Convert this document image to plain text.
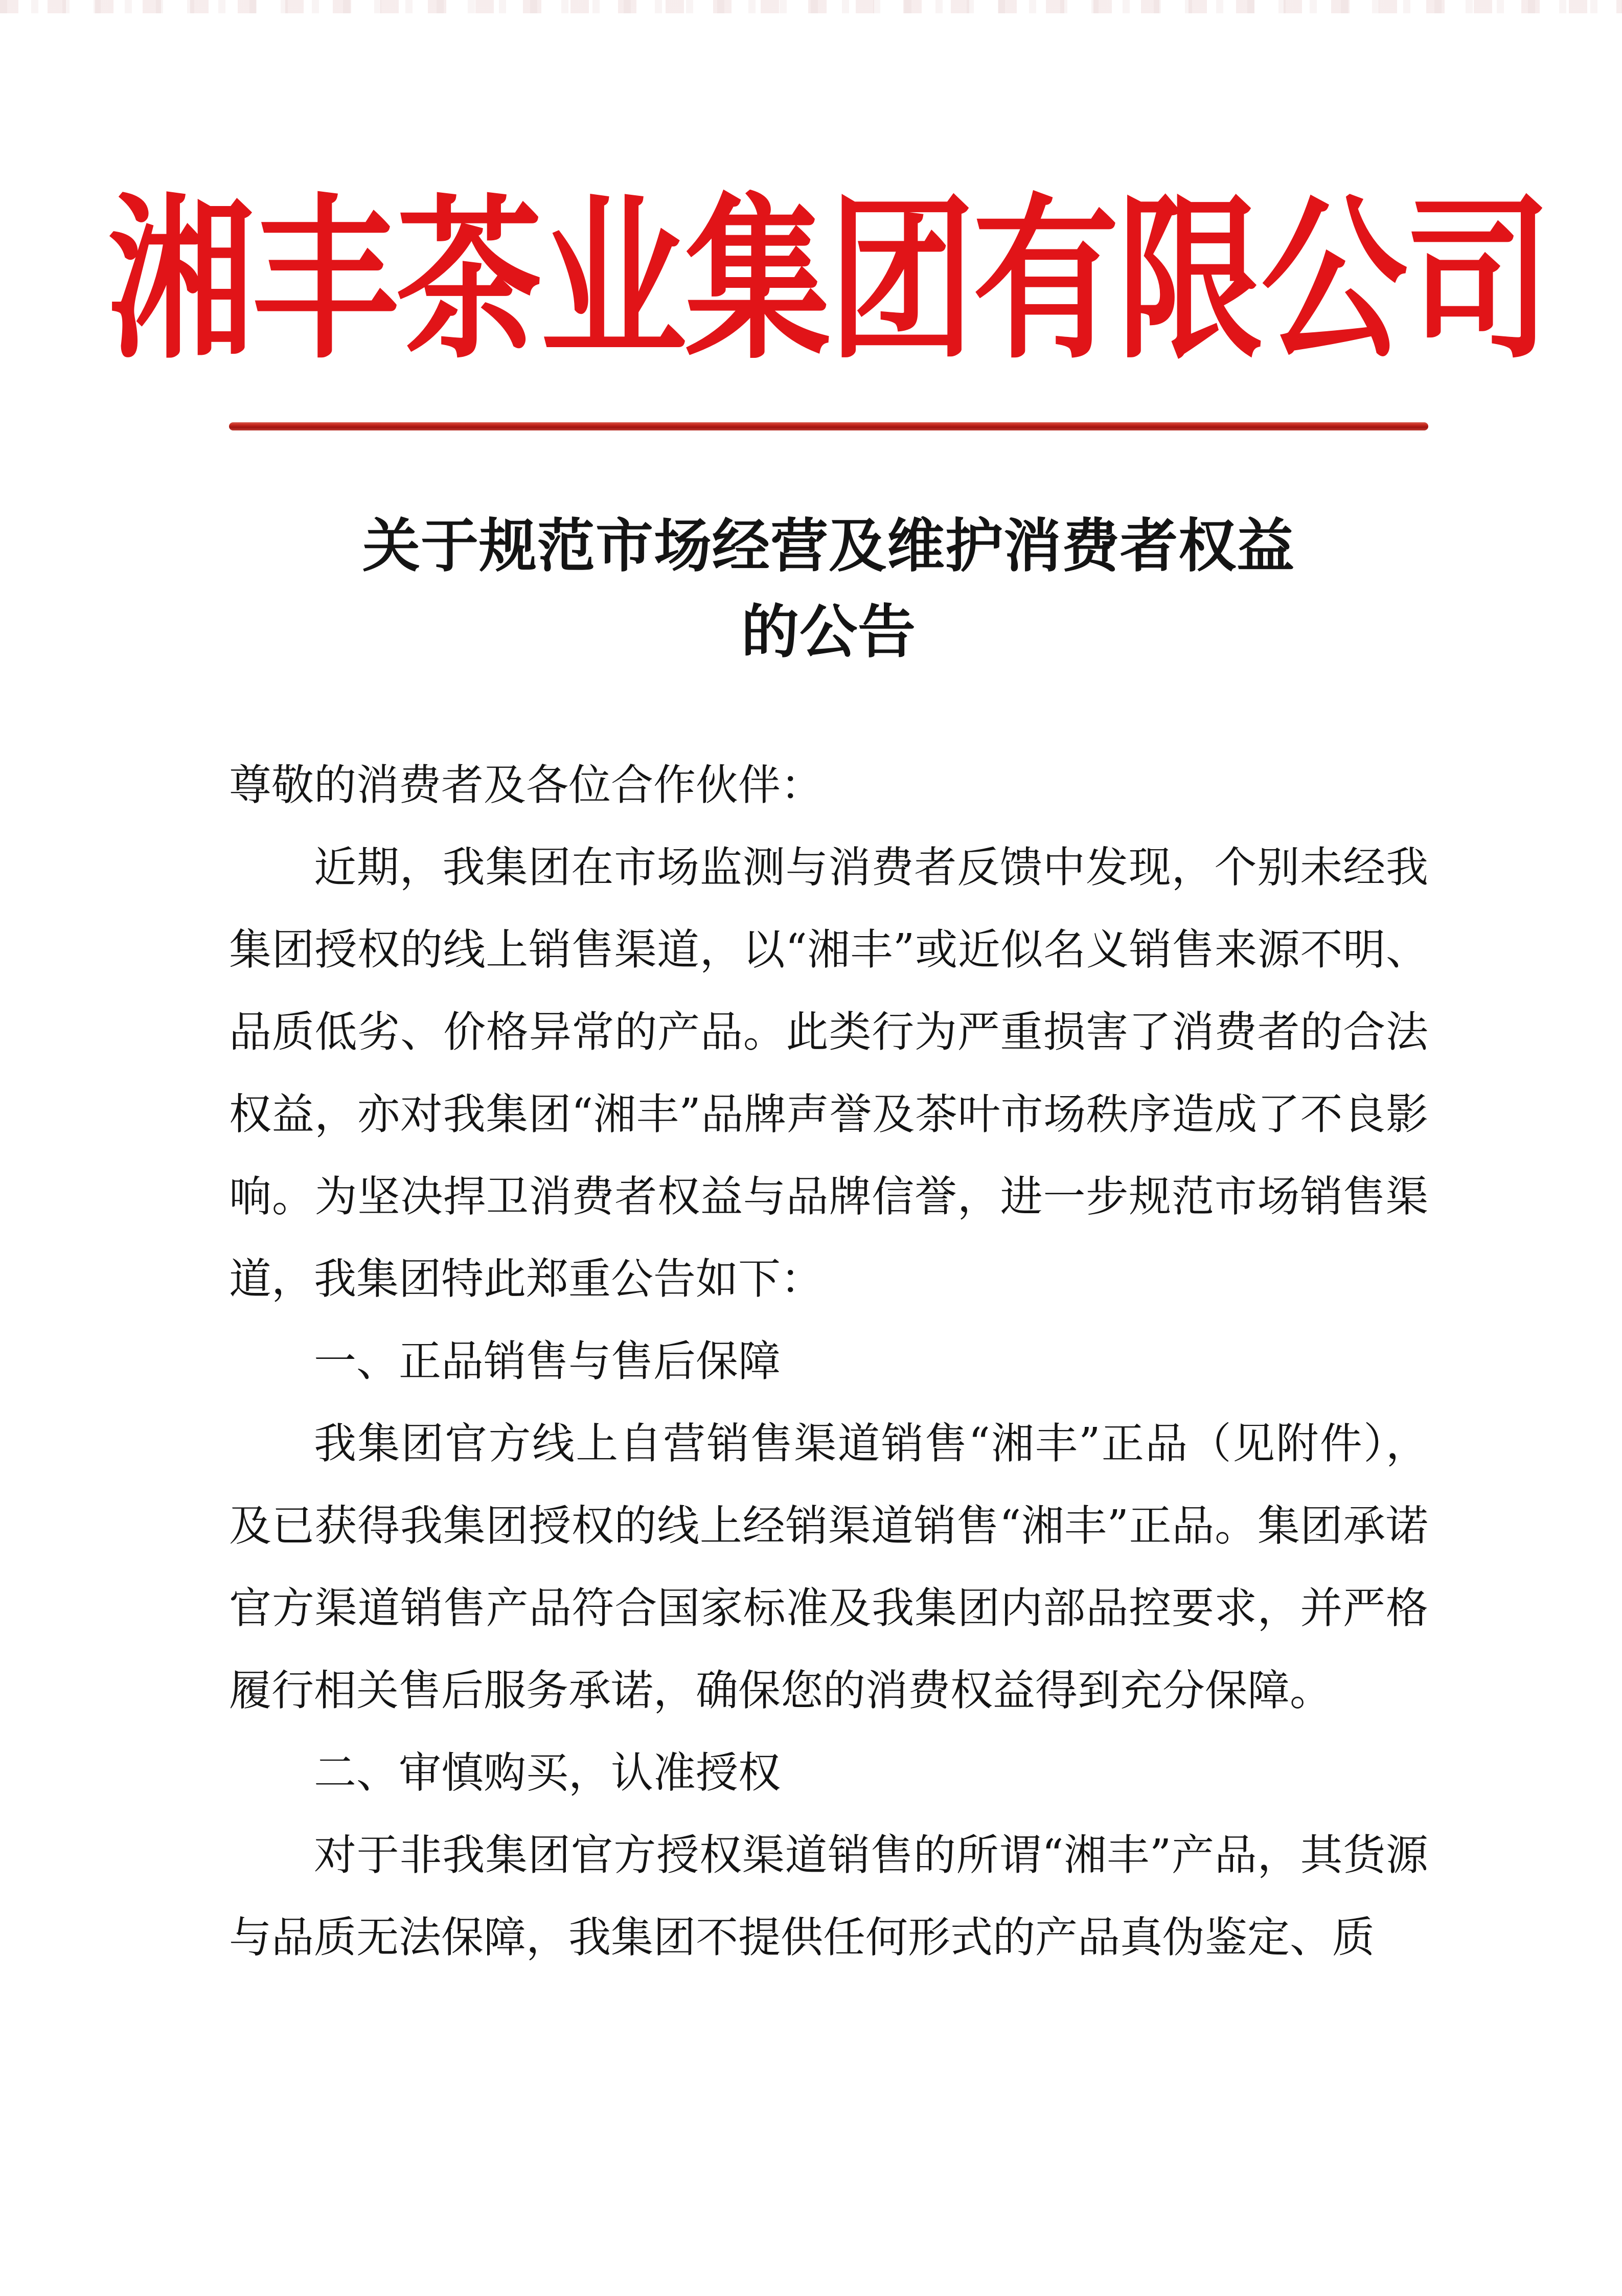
湘丰茶业集团有限公司
关于规范市场经营及维护消费者权益
的公告

尊敬的消费者及各位合作伙伴：

近期，我集团在市场监测与消费者反馈中发现，个别未经我集团授权的线上销售渠道，以“湘丰”或近似名义销售来源不明、品质低劣、价格异常的产品。此类行为严重损害了消费者的合法权益，亦对我集团“湘丰”品牌声誉及茶叶市场秩序造成了不良影响。为坚决捍卫消费者权益与品牌信誉，进一步规范市场销售渠道，我集团特此郑重公告如下：

一、正品销售与售后保障

我集团官方线上自营销售渠道销售“湘丰”正品（见附件），及已获得我集团授权的线上经销渠道销售“湘丰”正品。集团承诺官方渠道销售产品符合国家标准及我集团内部品控要求，并严格履行相关售后服务承诺，确保您的消费权益得到充分保障。

二、审慎购买，认准授权

对于非我集团官方授权渠道销售的所谓“湘丰”产品，其货源与品质无法保障，我集团不提供任何形式的产品真伪鉴定、质
